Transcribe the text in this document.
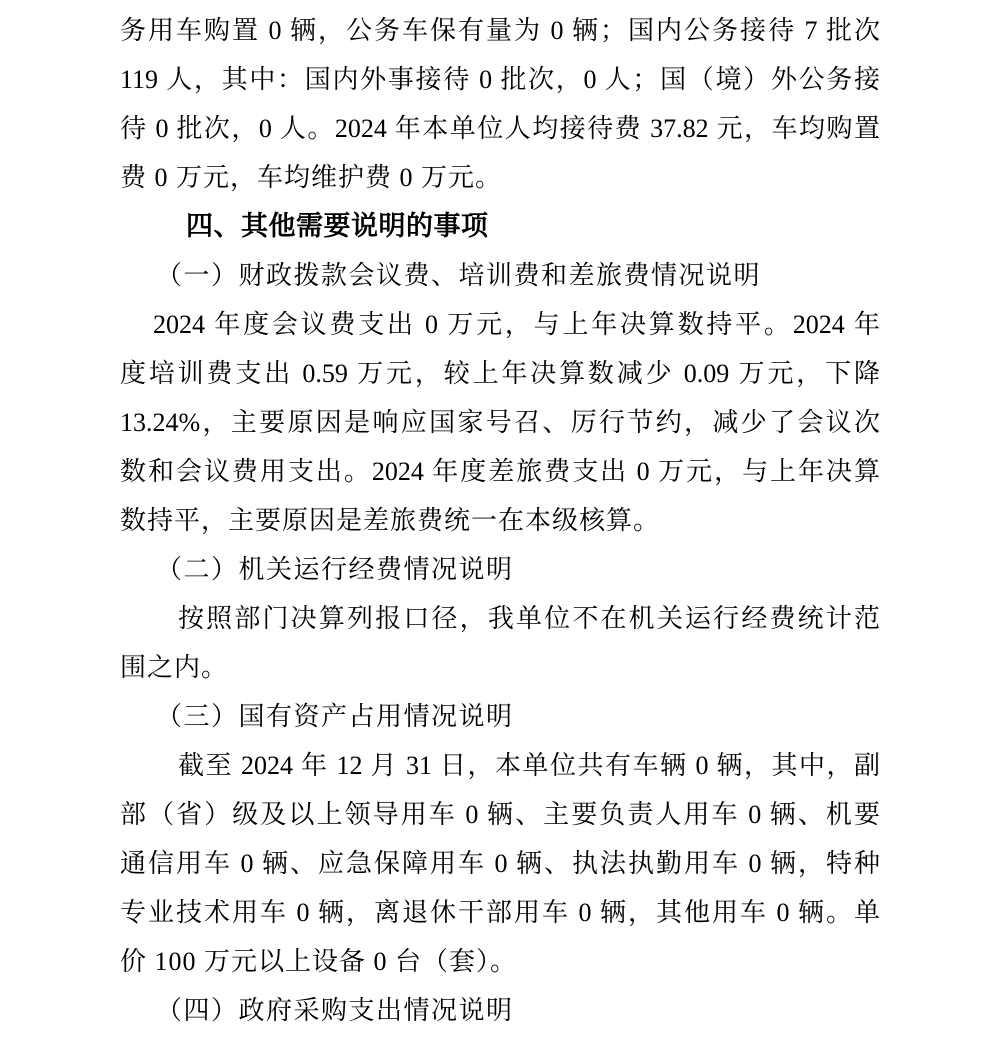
务用车购置 0 辆，公务车保有量为 0 辆；国内公务接待 7 批次
119 人，其中：国内外事接待 0 批次，0 人；国（境）外公务接
待 0 批次，0 人。2024 年本单位人均接待费 37.82 元，车均购置
费 0 万元，车均维护费 0 万元。
四、其他需要说明的事项
（一）财政拨款会议费、培训费和差旅费情况说明
2024 年度会议费支出 0 万元，与上年决算数持平。2024 年
度培训费支出 0.59 万元，较上年决算数减少 0.09 万元，下降
13.24%，主要原因是响应国家号召、厉行节约，减少了会议次
数和会议费用支出。2024 年度差旅费支出 0 万元，与上年决算
数持平，主要原因是差旅费统一在本级核算。
（二）机关运行经费情况说明
按照部门决算列报口径，我单位不在机关运行经费统计范
围之内。
（三）国有资产占用情况说明
截至 2024 年 12 月 31 日，本单位共有车辆 0 辆，其中，副
部（省）级及以上领导用车 0 辆、主要负责人用车 0 辆、机要
通信用车 0 辆、应急保障用车 0 辆、执法执勤用车 0 辆，特种
专业技术用车 0 辆，离退休干部用车 0 辆，其他用车 0 辆。单
价 100 万元以上设备 0 台（套）。
（四）政府采购支出情况说明
